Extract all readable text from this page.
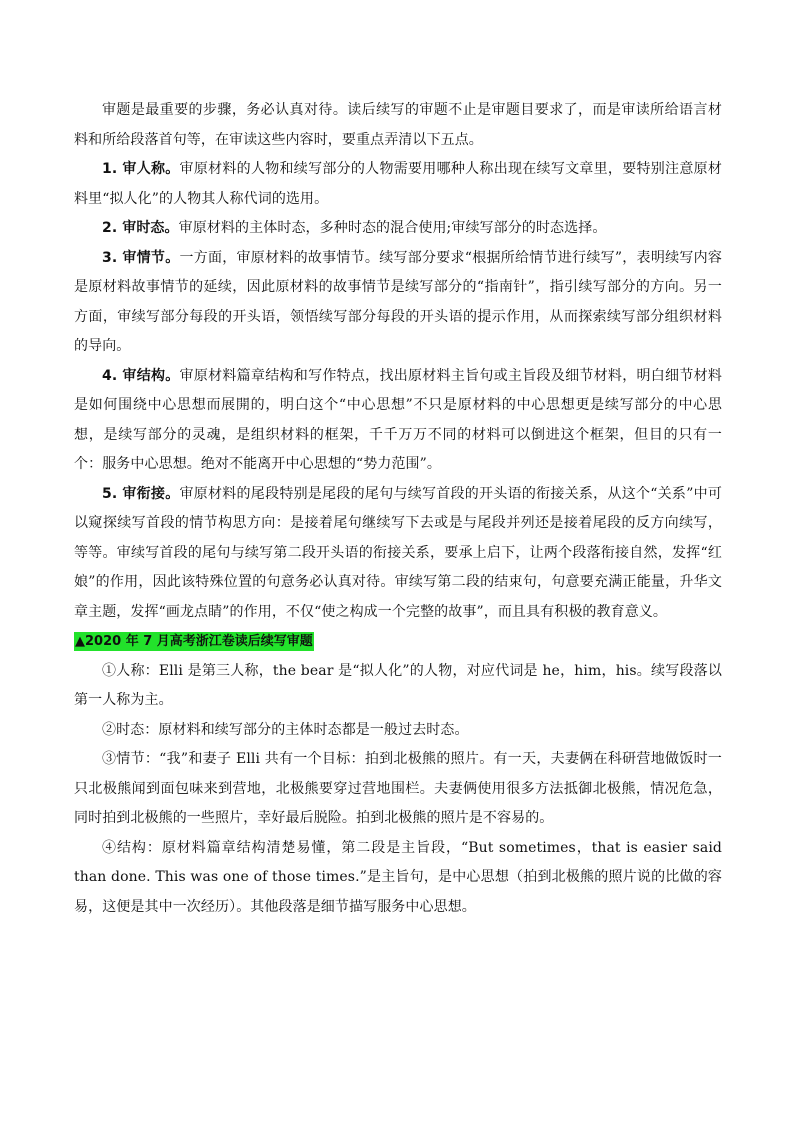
审题是最重要的步骤，务必认真对待。读后续写的审题不止是审题目要求了，而是审读所给语言材料和所给段落首句等，在审读这些内容时，要重点弄清以下五点。

1. 审人称。审原材料的人物和续写部分的人物需要用哪种人称出现在续写文章里，要特别注意原材料里“拟人化”的人物其人称代词的选用。

2. 审时态。审原材料的主体时态，多种时态的混合使用;审续写部分的时态选择。

3. 审情节。一方面，审原材料的故事情节。续写部分要求“根据所给情节进行续写”，表明续写内容是原材料故事情节的延续，因此原材料的故事情节是续写部分的“指南针”，指引续写部分的方向。另一方面，审续写部分每段的开头语，领悟续写部分每段的开头语的提示作用，从而探索续写部分组织材料的导向。

4. 审结构。审原材料篇章结构和写作特点，找出原材料主旨句或主旨段及细节材料，明白细节材料是如何围绕中心思想而展開的，明白这个“中心思想”不只是原材料的中心思想更是续写部分的中心思想，是续写部分的灵魂，是组织材料的框架，千千万万不同的材料可以倒进这个框架，但目的只有一个：服务中心思想。绝对不能离开中心思想的“势力范围”。

5. 审衔接。审原材料的尾段特别是尾段的尾句与续写首段的开头语的衔接关系，从这个“关系”中可以窥探续写首段的情节构思方向：是接着尾句继续写下去或是与尾段并列还是接着尾段的反方向续写，等等。审续写首段的尾句与续写第二段开头语的衔接关系，要承上启下，让两个段落衔接自然，发挥“红娘”的作用，因此该特殊位置的句意务必认真对待。审续写第二段的结束句，句意要充满正能量，升华文章主题，发挥“画龙点睛”的作用，不仅“使之构成一个完整的故事”，而且具有积极的教育意义。

▲2020 年 7 月高考浙江卷读后续写审题

①人称：Elli 是第三人称，the bear 是“拟人化”的人物，对应代词是 he，him，his。续写段落以第一人称为主。

②时态：原材料和续写部分的主体时态都是一般过去时态。

③情节：“我”和妻子 Elli 共有一个目标：拍到北极熊的照片。有一天，夫妻俩在科研营地做饭时一只北极熊闻到面包味来到营地，北极熊要穿过营地围栏。夫妻俩使用很多方法抵御北极熊，情况危急，同时拍到北极熊的一些照片，幸好最后脱险。拍到北极熊的照片是不容易的。

④结构：原材料篇章结构清楚易懂，第二段是主旨段，“But sometimes，that is easier said than done. This was one of those times.”是主旨句，是中心思想（拍到北极熊的照片说的比做的容易，这便是其中一次经历）。其他段落是细节描写服务中心思想。
